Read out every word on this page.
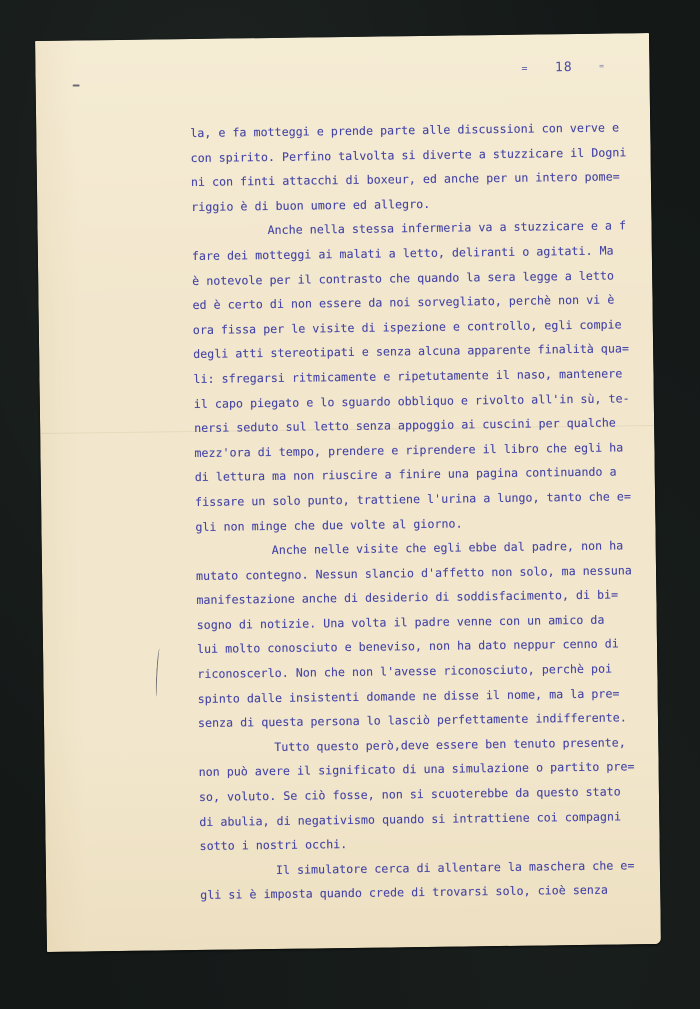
= 18	=
la, e fa motteggi e prende parte alle discussioni con verve e
con spirito. Perfino talvolta si diverte a stuzzicare il Dogni
ni con finti attacchi di boxeur, ed anche per un intero pome=
riggio è di buon umore ed allegro.
Anche nella stessa infermeria va a stuzzicare e a f
fare dei motteggi ai malati a letto, deliranti o agitati. Ma
è notevole per il contrasto che quando la sera legge a letto
ed è certo di non essere da noi sorvegliato, perchè non vi è
ora fissa per le visite di ispezione e controllo, egli compie
degli atti stereotipati e senza alcuna apparente finalità qua=
li: sfregarsi ritmicamente e ripetutamente il naso, mantenere
il capo piegato e lo sguardo obbliquo e rivolto all'in sù, te-
nersi seduto sul letto senza appoggio ai cuscini per qualche
mezz'ora di tempo, prendere e riprendere il libro che egli ha
di lettura ma non riuscire a finire una pagina continuando a
fissare un solo punto, trattiene l'urina a lungo, tanto che e=
gli non minge che due volte al giorno.
Anche nelle visite che egli ebbe dal padre, non ha
mutato contegno. Nessun slancio d'affetto non solo, ma nessuna
manifestazione anche di desiderio di soddisfacimento, di bi=
sogno di notizie. Una volta il padre venne con un amico da
lui molto conosciuto e beneviso, non ha dato neppur cenno di
riconoscerlo. Non che non l'avesse riconosciuto, perchè poi
spinto dalle insistenti domande ne disse il nome, ma la pre=
senza di questa persona lo lasciò perfettamente indifferente.
Tutto questo però,deve essere ben tenuto presente,
non può avere il significato di una simulazione o partito pre=
so, voluto. Se ciò fosse, non si scuoterebbe da questo stato
di abulia, di negativismo quando si intrattiene coi compagni
sotto i nostri occhi.
Il simulatore cerca di allentare la maschera che e=
gli si è imposta quando crede di trovarsi solo, cioè senza
